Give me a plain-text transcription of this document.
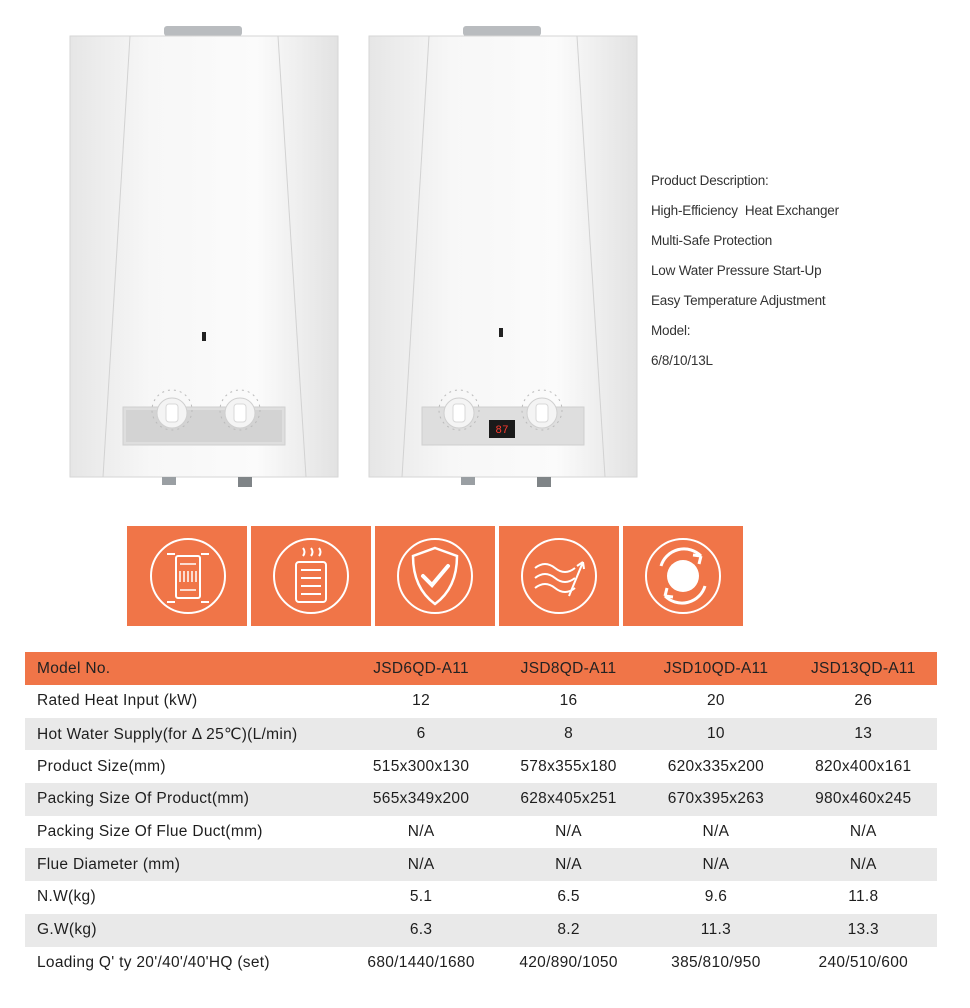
87
Product Description:
High-Efficiency  Heat Exchanger
Multi-Safe Protection
Low Water Pressure Start-Up
Easy Temperature Adjustment
Model:
6/8/10/13L
Model No.	JSD6QD-A11	JSD8QD-A11	JSD10QD-A11	JSD13QD-A11
Rated Heat Input (kW)	12	16	20	26
Hot Water Supply(for Δ 25℃)(L/min)	6	8	10	13
Product Size(mm)	515x300x130	578x355x180	620x335x200	820x400x161
Packing Size Of Product(mm)	565x349x200	628x405x251	670x395x263	980x460x245
Packing Size Of Flue Duct(mm)	N/A	N/A	N/A	N/A
Flue Diameter (mm)	N/A	N/A	N/A	N/A
N.W(kg)	5.1	6.5	9.6	11.8
G.W(kg)	6.3	8.2	11.3	13.3
Loading Q' ty 20'/40'/40'HQ (set)	680/1440/1680	420/890/1050	385/810/950	240/510/600
